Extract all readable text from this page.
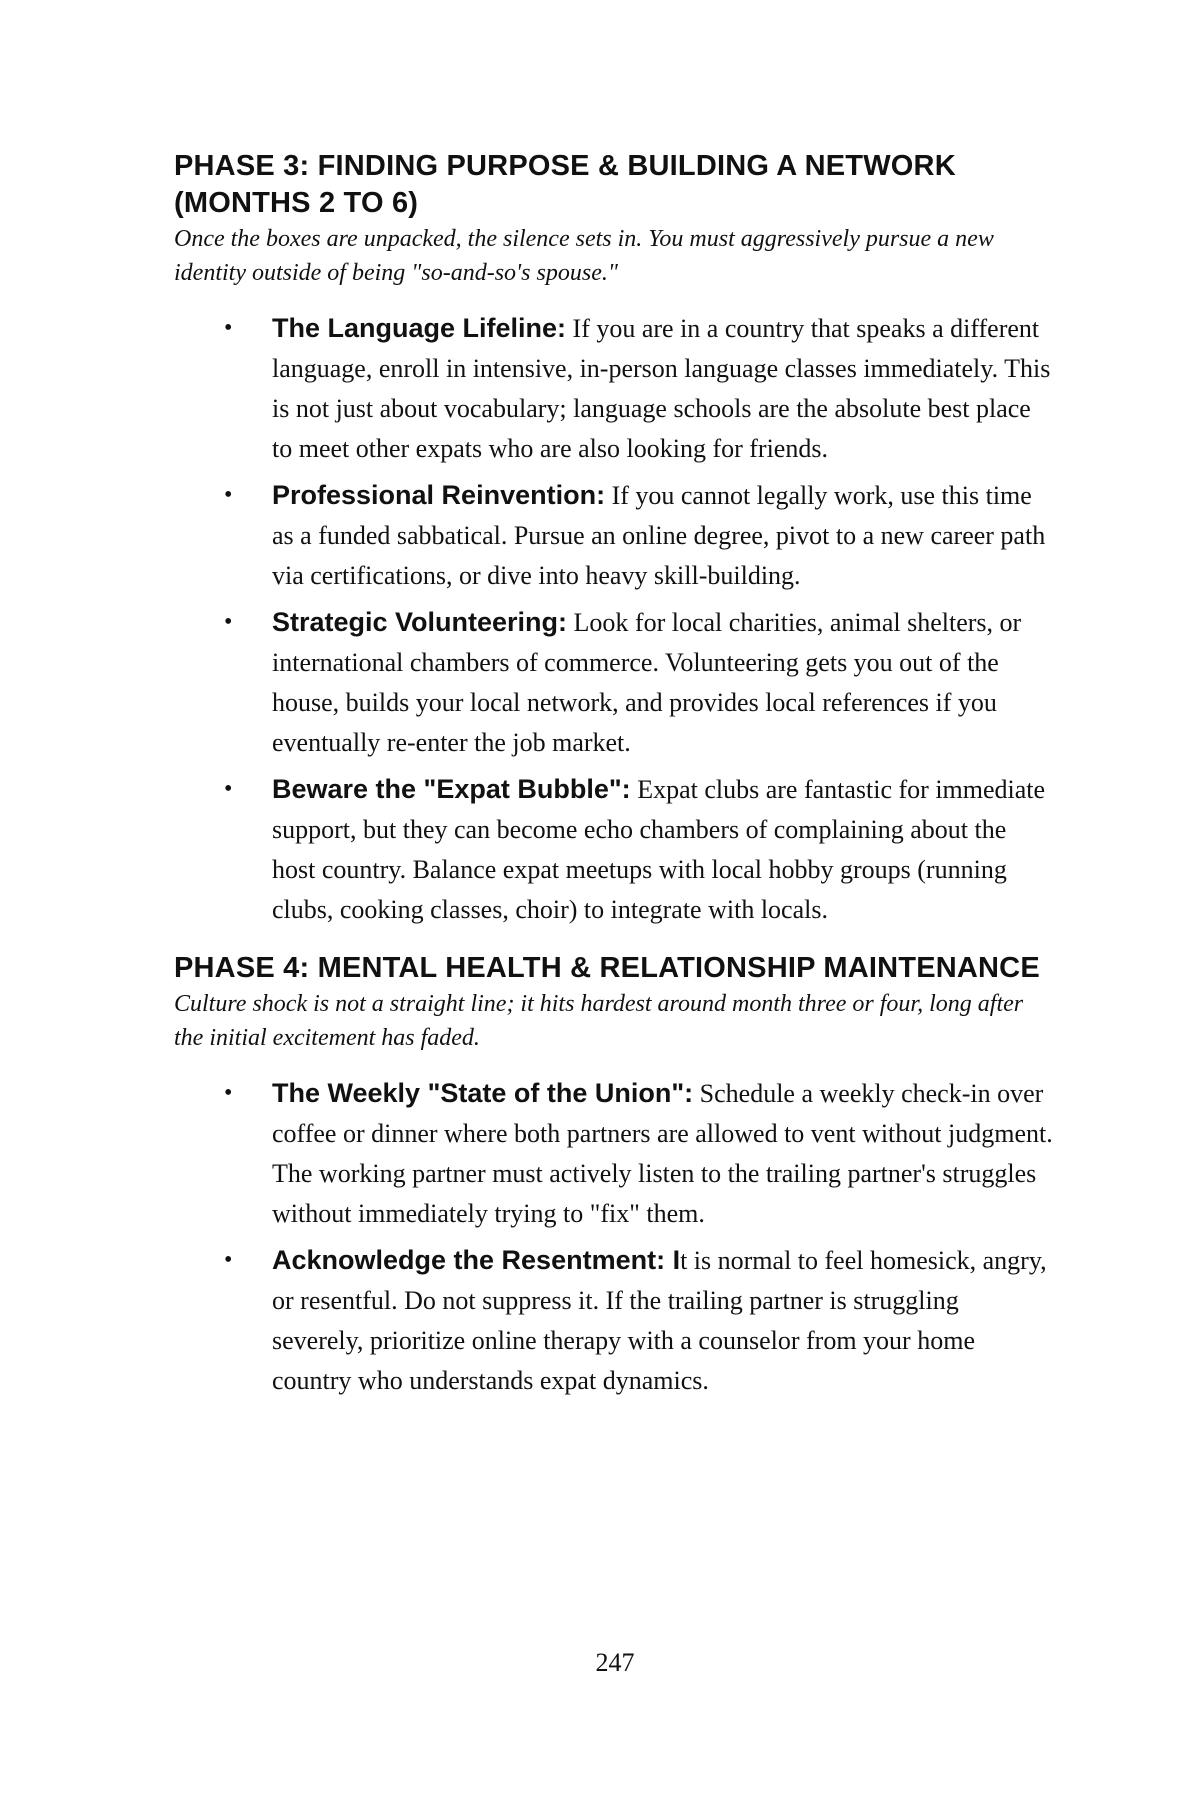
PHASE 3: FINDING PURPOSE & BUILDING A NETWORK (MONTHS 2 TO 6)

Once the boxes are unpacked, the silence sets in. You must aggressively pursue a new identity outside of being "so-and-so's spouse."

• The Language Lifeline: If you are in a country that speaks a different language, enroll in intensive, in-person language classes immediately. This is not just about vocabulary; language schools are the absolute best place to meet other expats who are also looking for friends.
• Professional Reinvention: If you cannot legally work, use this time as a funded sabbatical. Pursue an online degree, pivot to a new career path via certifications, or dive into heavy skill-building.
• Strategic Volunteering: Look for local charities, animal shelters, or international chambers of commerce. Volunteering gets you out of the house, builds your local network, and provides local references if you eventually re-enter the job market.
• Beware the "Expat Bubble": Expat clubs are fantastic for immediate support, but they can become echo chambers of complaining about the host country. Balance expat meetups with local hobby groups (running clubs, cooking classes, choir) to integrate with locals.
PHASE 4: MENTAL HEALTH & RELATIONSHIP MAINTENANCE

Culture shock is not a straight line; it hits hardest around month three or four, long after the initial excitement has faded.

• The Weekly "State of the Union": Schedule a weekly check-in over coffee or dinner where both partners are allowed to vent without judgment. The working partner must actively listen to the trailing partner's struggles without immediately trying to "fix" them.
• Acknowledge the Resentment: It is normal to feel homesick, angry, or resentful. Do not suppress it. If the trailing partner is struggling severely, prioritize online therapy with a counselor from your home country who understands expat dynamics.
247
